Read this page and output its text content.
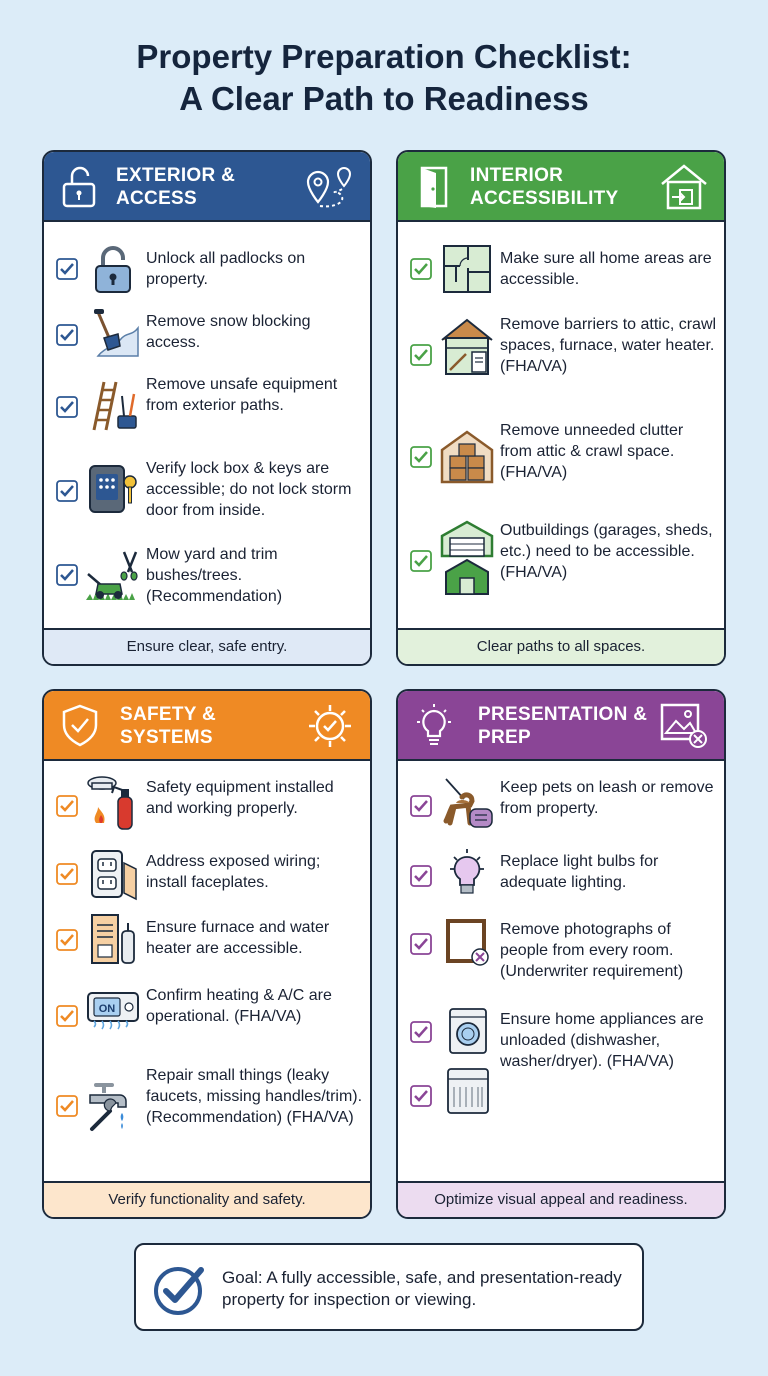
Property Preparation Checklist:
A Clear Path to Readiness
EXTERIOR & ACCESS
Unlock all padlocks on property.
Remove snow blocking access.
Remove unsafe equipment from exterior paths.
Verify lock box & keys are accessible; do not lock storm door from inside.
Mow yard and trim bushes/trees. (Recommendation)
Ensure clear, safe entry.
INTERIOR ACCESSIBILITY
Make sure all home areas are accessible.
Remove barriers to attic, crawl spaces, furnace, water heater. (FHA/VA)
Remove unneeded clutter from attic & crawl space. (FHA/VA)
Outbuildings (garages, sheds, etc.) need to be accessible. (FHA/VA)
Clear paths to all spaces.
SAFETY & SYSTEMS
Safety equipment installed and working properly.
Address exposed wiring; install faceplates.
Ensure furnace and water heater are accessible.
ON
Confirm heating & A/C are operational. (FHA/VA)
Repair small things (leaky faucets, missing handles/trim). (Recommendation) (FHA/VA)
Verify functionality and safety.
PRESENTATION & PREP
Keep pets on leash or remove from property.
Replace light bulbs for adequate lighting.
Remove photographs of people from every room. (Underwriter requirement)
Ensure home appliances are unloaded (dishwasher, washer/dryer). (FHA/VA)
Optimize visual appeal and readiness.
Goal: A fully accessible, safe, and presentation-ready property for inspection or viewing.
